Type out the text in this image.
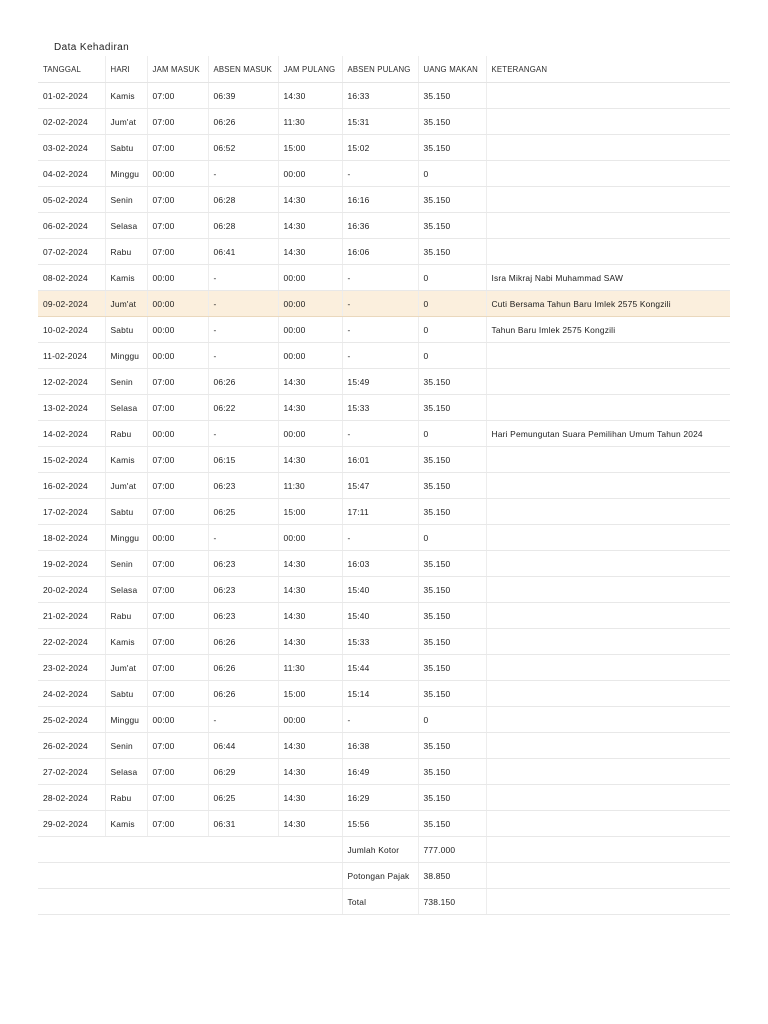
Data Kehadiran
TANGGAL	HARI	JAM MASUK	ABSEN MASUK	JAM PULANG	ABSEN PULANG	UANG MAKAN	KETERANGAN
01-02-2024	Kamis	07:00	06:39	14:30	16:33	35.150	
02-02-2024	Jum'at	07:00	06:26	11:30	15:31	35.150	
03-02-2024	Sabtu	07:00	06:52	15:00	15:02	35.150	
04-02-2024	Minggu	00:00	-	00:00	-	0	
05-02-2024	Senin	07:00	06:28	14:30	16:16	35.150	
06-02-2024	Selasa	07:00	06:28	14:30	16:36	35.150	
07-02-2024	Rabu	07:00	06:41	14:30	16:06	35.150	
08-02-2024	Kamis	00:00	-	00:00	-	0	Isra Mikraj Nabi Muhammad SAW
09-02-2024	Jum'at	00:00	-	00:00	-	0	Cuti Bersama Tahun Baru Imlek 2575 Kongzili
10-02-2024	Sabtu	00:00	-	00:00	-	0	Tahun Baru Imlek 2575 Kongzili
11-02-2024	Minggu	00:00	-	00:00	-	0	
12-02-2024	Senin	07:00	06:26	14:30	15:49	35.150	
13-02-2024	Selasa	07:00	06:22	14:30	15:33	35.150	
14-02-2024	Rabu	00:00	-	00:00	-	0	Hari Pemungutan Suara Pemilihan Umum Tahun 2024
15-02-2024	Kamis	07:00	06:15	14:30	16:01	35.150	
16-02-2024	Jum'at	07:00	06:23	11:30	15:47	35.150	
17-02-2024	Sabtu	07:00	06:25	15:00	17:11	35.150	
18-02-2024	Minggu	00:00	-	00:00	-	0	
19-02-2024	Senin	07:00	06:23	14:30	16:03	35.150	
20-02-2024	Selasa	07:00	06:23	14:30	15:40	35.150	
21-02-2024	Rabu	07:00	06:23	14:30	15:40	35.150	
22-02-2024	Kamis	07:00	06:26	14:30	15:33	35.150	
23-02-2024	Jum'at	07:00	06:26	11:30	15:44	35.150	
24-02-2024	Sabtu	07:00	06:26	15:00	15:14	35.150	
25-02-2024	Minggu	00:00	-	00:00	-	0	
26-02-2024	Senin	07:00	06:44	14:30	16:38	35.150	
27-02-2024	Selasa	07:00	06:29	14:30	16:49	35.150	
28-02-2024	Rabu	07:00	06:25	14:30	16:29	35.150	
29-02-2024	Kamis	07:00	06:31	14:30	15:56	35.150	
					Jumlah Kotor	777.000	
					Potongan Pajak	38.850	
					Total	738.150	
